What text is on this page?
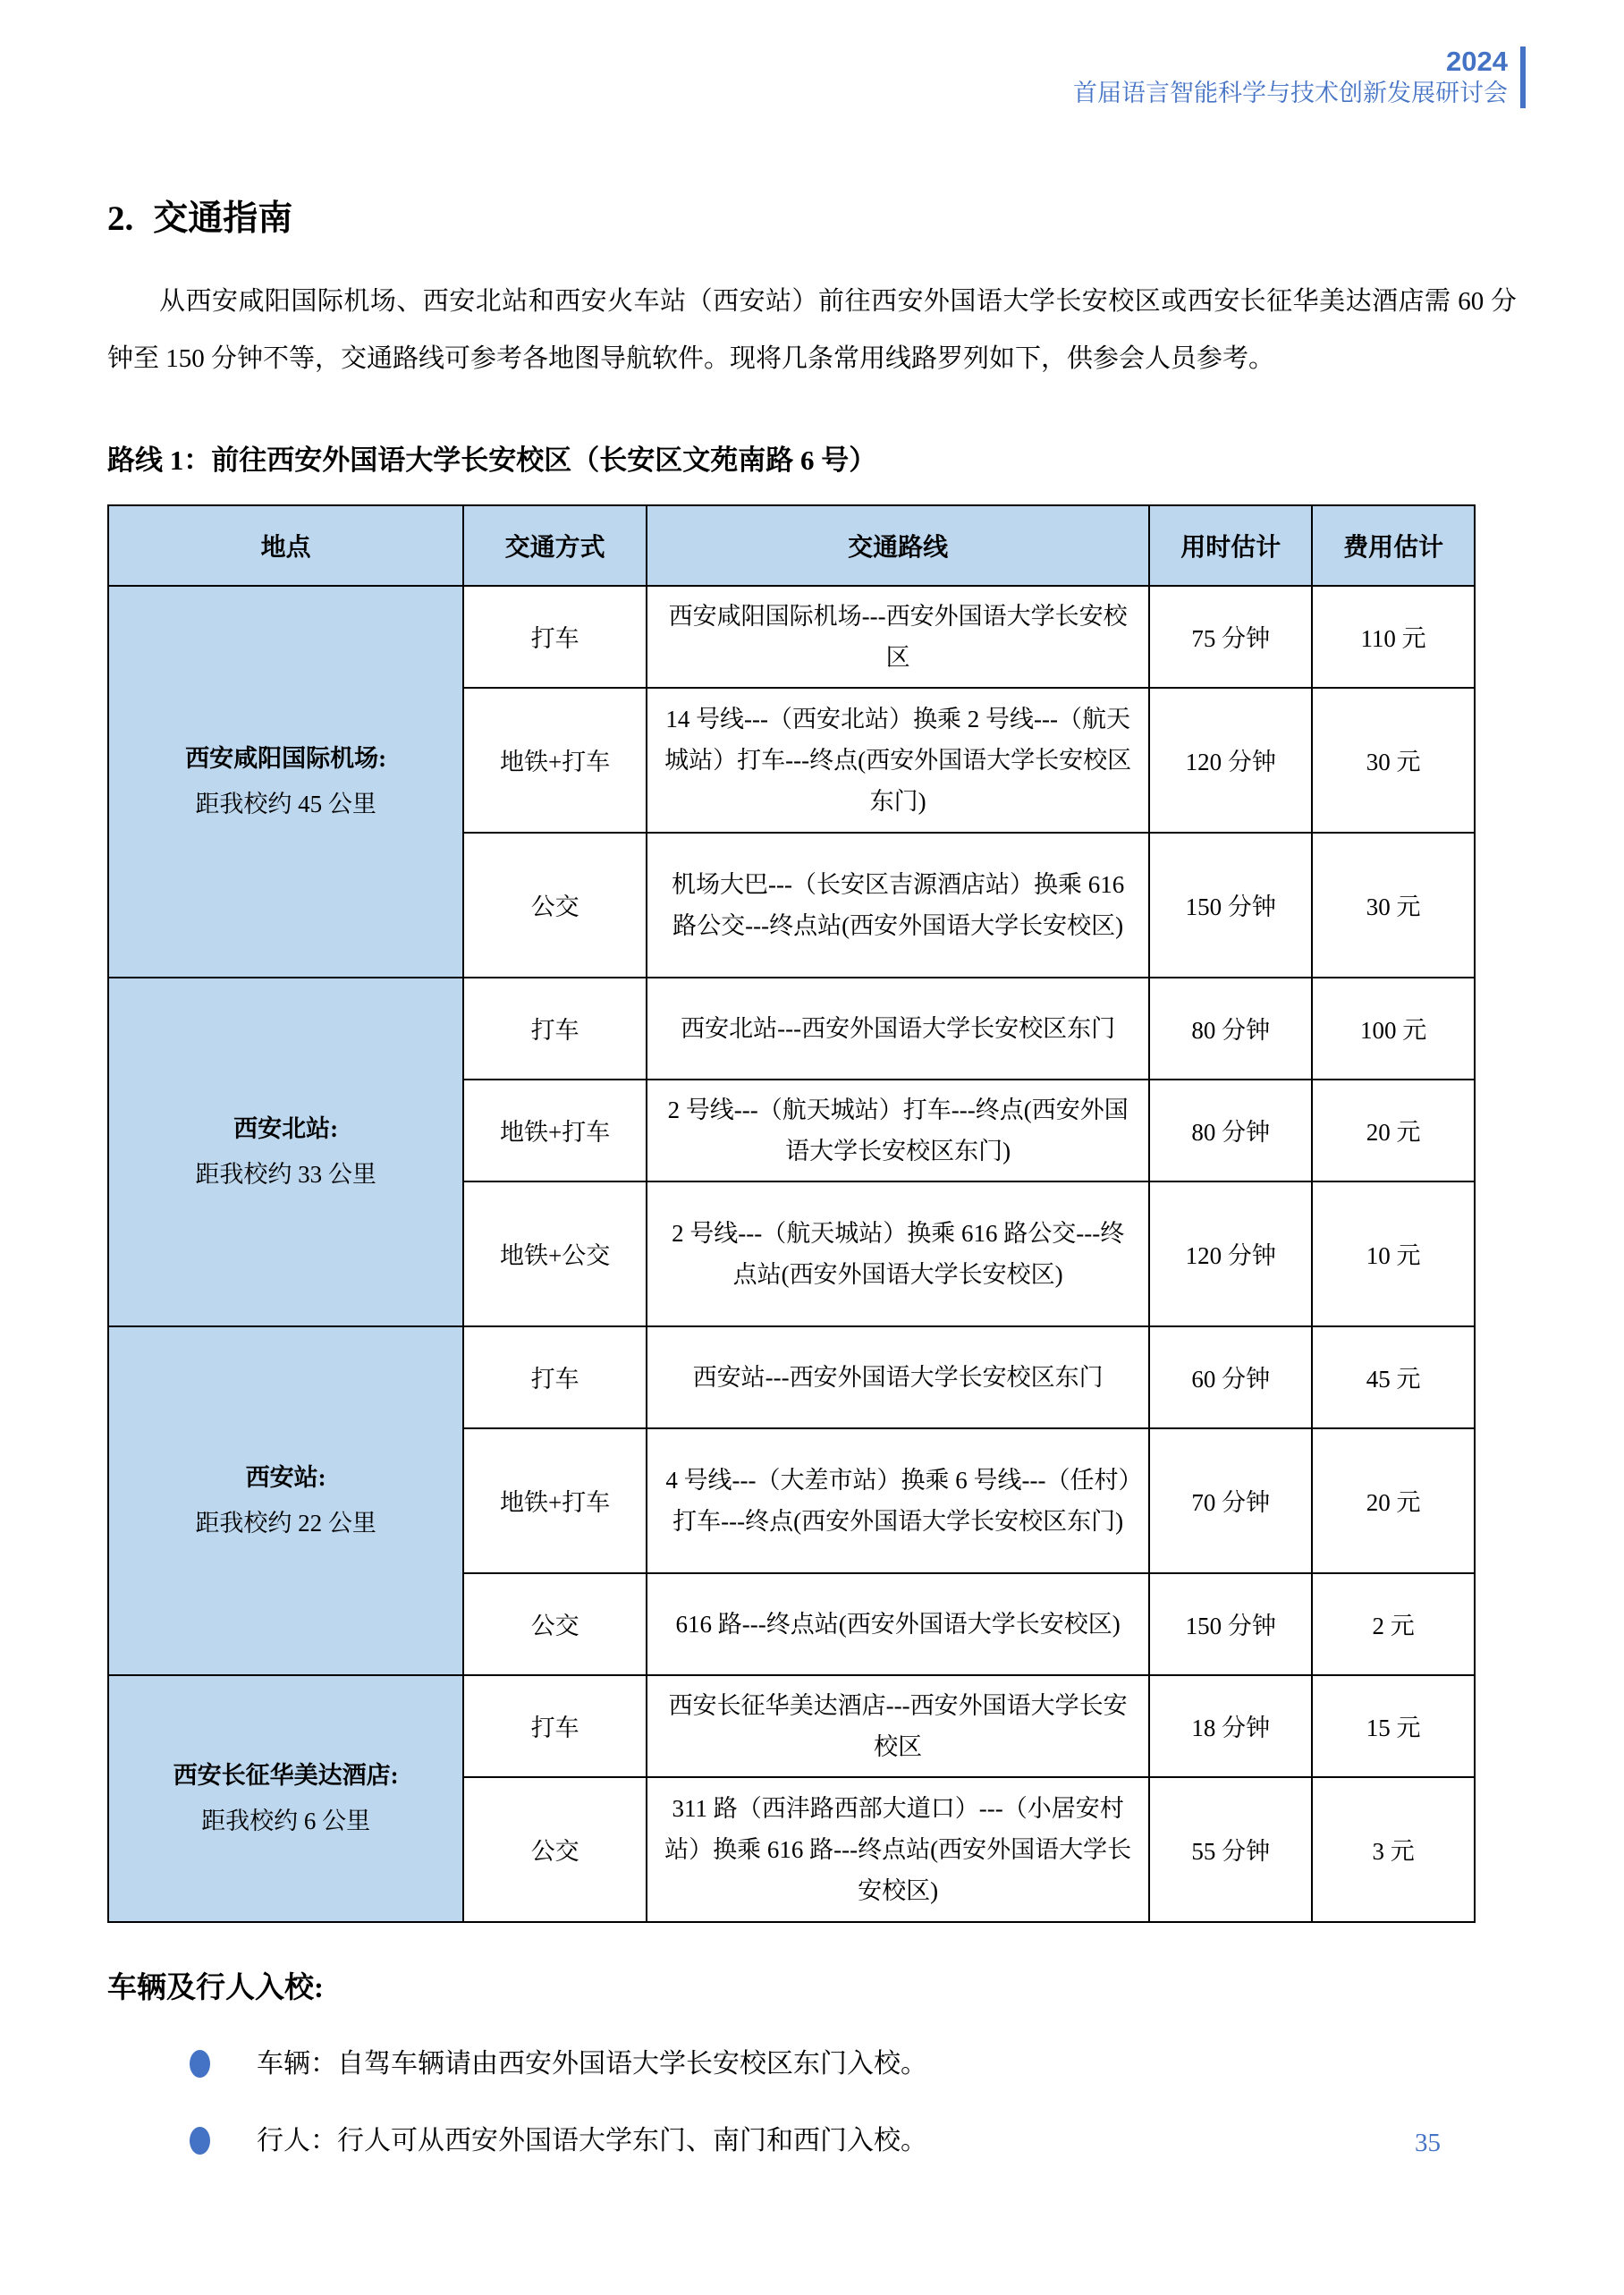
2024
首届语言智能科学与技术创新发展研讨会
2. 交通指南
从西安咸阳国际机场、西安北站和西安火车站（西安站）前往西安外国语大学长安校区或西安长征华美达酒店需 60 分钟至 150 分钟不等，交通路线可参考各地图导航软件。现将几条常用线路罗列如下，供参会人员参考。
路线 1：前往西安外国语大学长安校区（长安区文苑南路 6 号）
地点	交通方式	交通路线	用时估计	费用估计

西安咸阳国际机场:
距我校约 45 公里	打车	西安咸阳国际机场---西安外国语大学长安校区	75 分钟	110 元
	地铁+打车	14 号线---（西安北站）换乘 2 号线---（航天城站）打车---终点(西安外国语大学长安校区东门)	120 分钟	30 元
	公交	机场大巴---（长安区吉源酒店站）换乘 616 路公交---终点站(西安外国语大学长安校区)	150 分钟	30 元

西安北站:
距我校约 33 公里	打车	西安北站---西安外国语大学长安校区东门	80 分钟	100 元
	地铁+打车	2 号线---（航天城站）打车---终点(西安外国语大学长安校区东门)	80 分钟	20 元
	地铁+公交	2 号线---（航天城站）换乘 616 路公交---终点站(西安外国语大学长安校区)	120 分钟	10 元

西安站:
距我校约 22 公里	打车	西安站---西安外国语大学长安校区东门	60 分钟	45 元
	地铁+打车	4 号线---（大差市站）换乘 6 号线---（任村）打车---终点(西安外国语大学长安校区东门)	70 分钟	20 元
	公交	616 路---终点站(西安外国语大学长安校区)	150 分钟	2 元

西安长征华美达酒店:
距我校约 6 公里	打车	西安长征华美达酒店---西安外国语大学长安校区	18 分钟	15 元
	公交	311 路（西沣路西部大道口）---（小居安村站）换乘 616 路---终点站(西安外国语大学长安校区)	55 分钟	3 元
车辆及行人入校:
车辆：自驾车辆请由西安外国语大学长安校区东门入校。
行人：行人可从西安外国语大学东门、南门和西门入校。	35
